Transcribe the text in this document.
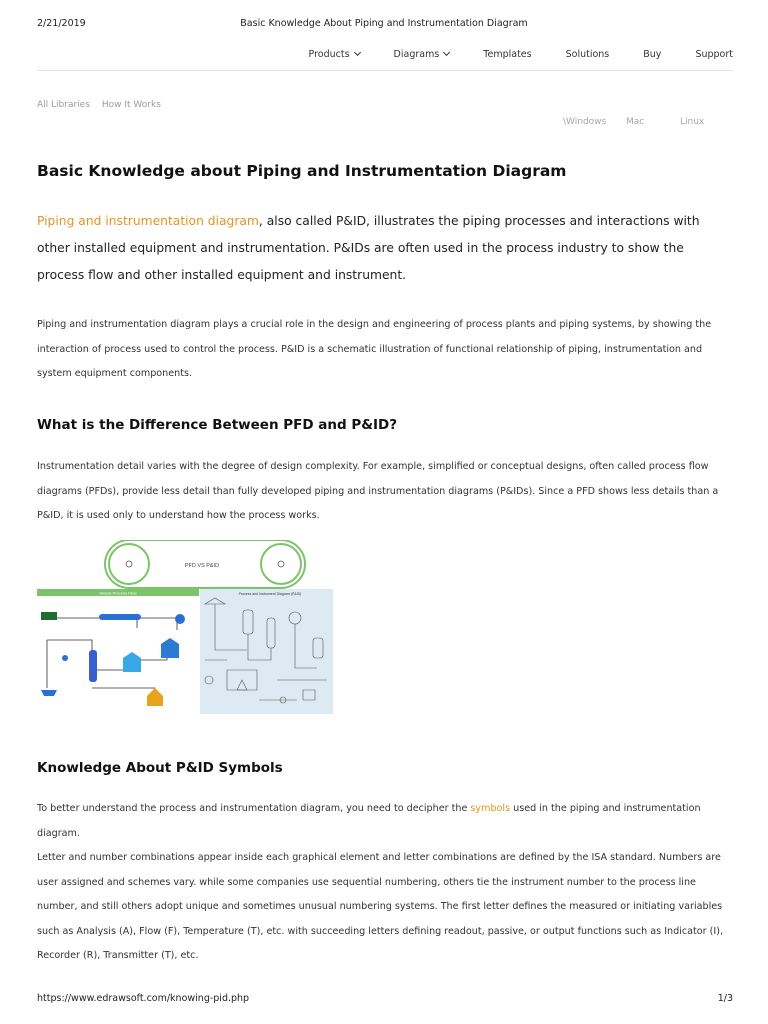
2/21/2019	Basic Knowledge About Piping and Instrumentation Diagram
Products	Diagrams	Templates	Solutions	Buy	Support
All Libraries How It Works
\Windows Mac	Linux
Basic Knowledge about Piping and Instrumentation Diagram

Piping and instrumentation diagram, also called P&ID, illustrates the piping processes and interactions with other installed equipment and instrumentation. P&IDs are often used in the process industry to show the process flow and other installed equipment and instrument.

Piping and instrumentation diagram plays a crucial role in the design and engineering of process plants and piping systems, by showing the interaction of process used to control the process. P&ID is a schematic illustration of functional relationship of piping, instrumentation and system equipment components.

What is the Difference Between PFD and P&ID?

Instrumentation detail varies with the degree of design complexity. For example, simplified or conceptual designs, often called process flow diagrams (PFDs), provide less detail than fully developed piping and instrumentation diagrams (P&IDs). Since a PFD shows less details than a P&ID, it is used only to understand how the process works.

PFD VS P&ID
Simple Process Flow	Process and Instrument Diagram (P&ID)
Knowledge About P&ID Symbols

To better understand the process and instrumentation diagram, you need to decipher the symbols used in the piping and instrumentation diagram.

Letter and number combinations appear inside each graphical element and letter combinations are defined by the ISA standard. Numbers are user assigned and schemes vary. while some companies use sequential numbering, others tie the instrument number to the process line number, and still others adopt unique and sometimes unusual numbering systems. The first letter defines the measured or initiating variables such as Analysis (A), Flow (F), Temperature (T), etc. with succeeding letters defining readout, passive, or output functions such as Indicator (I), Recorder (R), Transmitter (T), etc.

https://www.edrawsoft.com/knowing-pid.php	1/3
